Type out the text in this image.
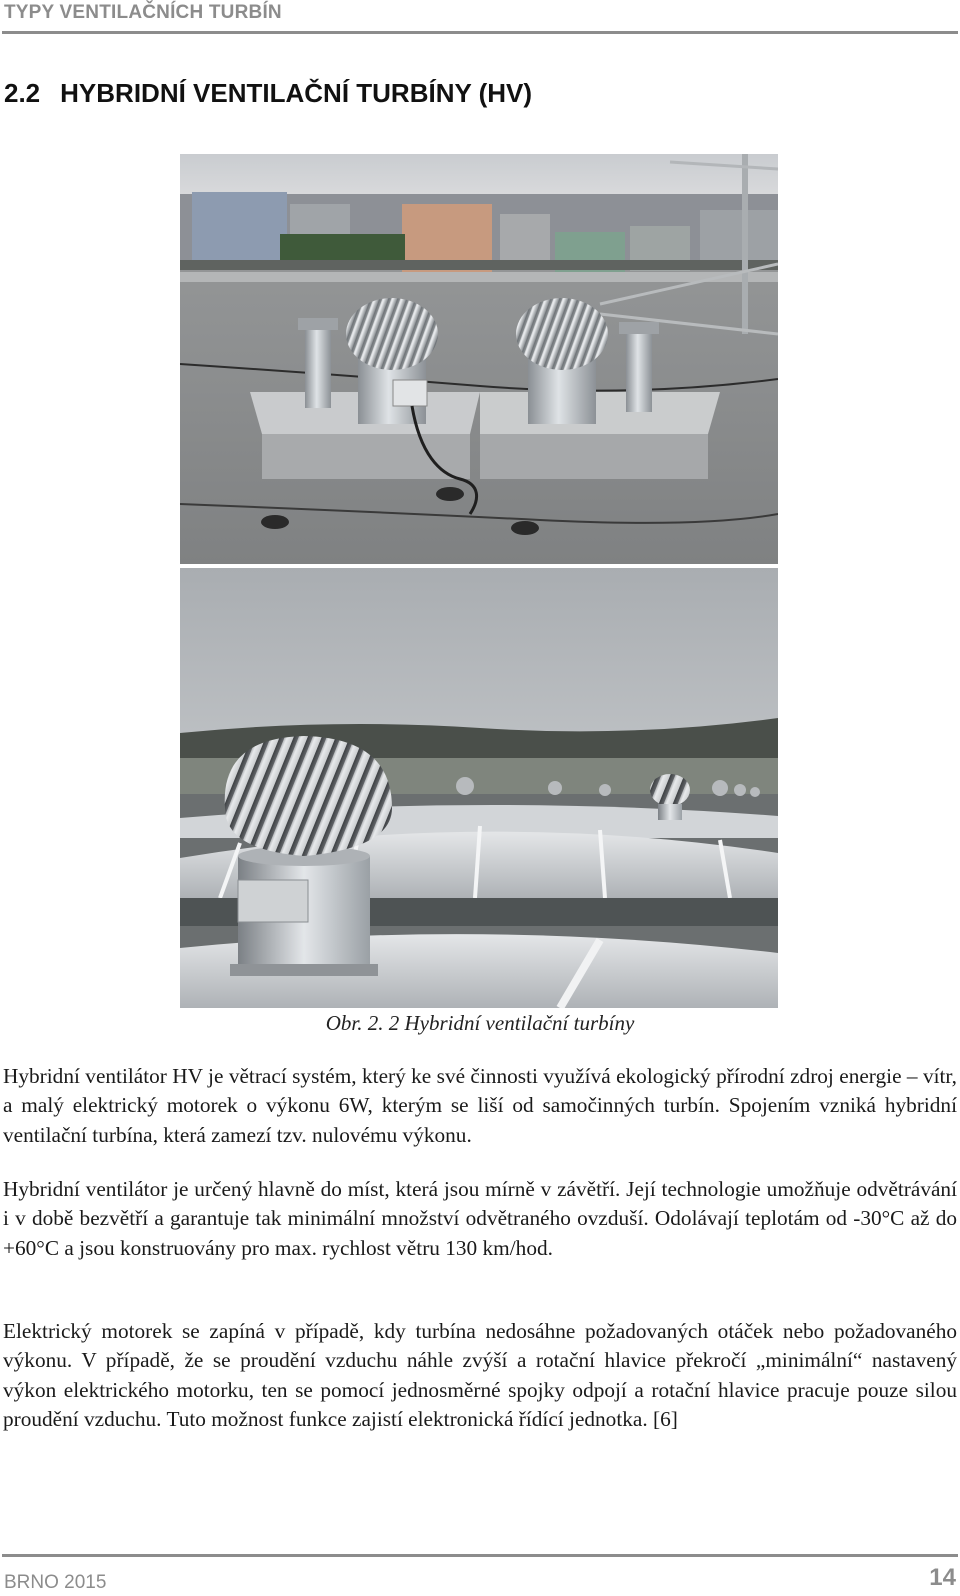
TYPY VENTILAČNÍCH TURBÍN
2.2 HYBRIDNÍ VENTILAČNÍ TURBÍNY (HV)
Obr. 2. 2 Hybridní ventilační turbíny

Hybridní ventilátor HV je větrací systém, který ke své činnosti využívá ekologický přírodní zdroj energie – vítr, a malý elektrický motorek o výkonu 6W, kterým se liší od samočinných turbín. Spojením vzniká hybridní ventilační turbína, která zamezí tzv. nulovému výkonu.

Hybridní ventilátor je určený hlavně do míst, která jsou mírně v závětří. Její technologie umožňuje odvětrávání i v době bezvětří a garantuje tak minimální množství odvětraného ovzduší. Odolávají teplotám od -30°C až do +60°C a jsou konstruovány pro max. rychlost větru 130 km/hod.

Elektrický motorek se zapíná v případě, kdy turbína nedosáhne požadovaných otáček nebo požadovaného výkonu. V případě, že se proudění vzduchu náhle zvýší a rotační hlavice překročí „minimální“ nastavený výkon elektrického motorku, ten se pomocí jednosměrné spojky odpojí a rotační hlavice pracuje pouze silou proudění vzduchu. Tuto možnost funkce zajistí elektronická řídící jednotka. [6]

BRNO 2015	14
